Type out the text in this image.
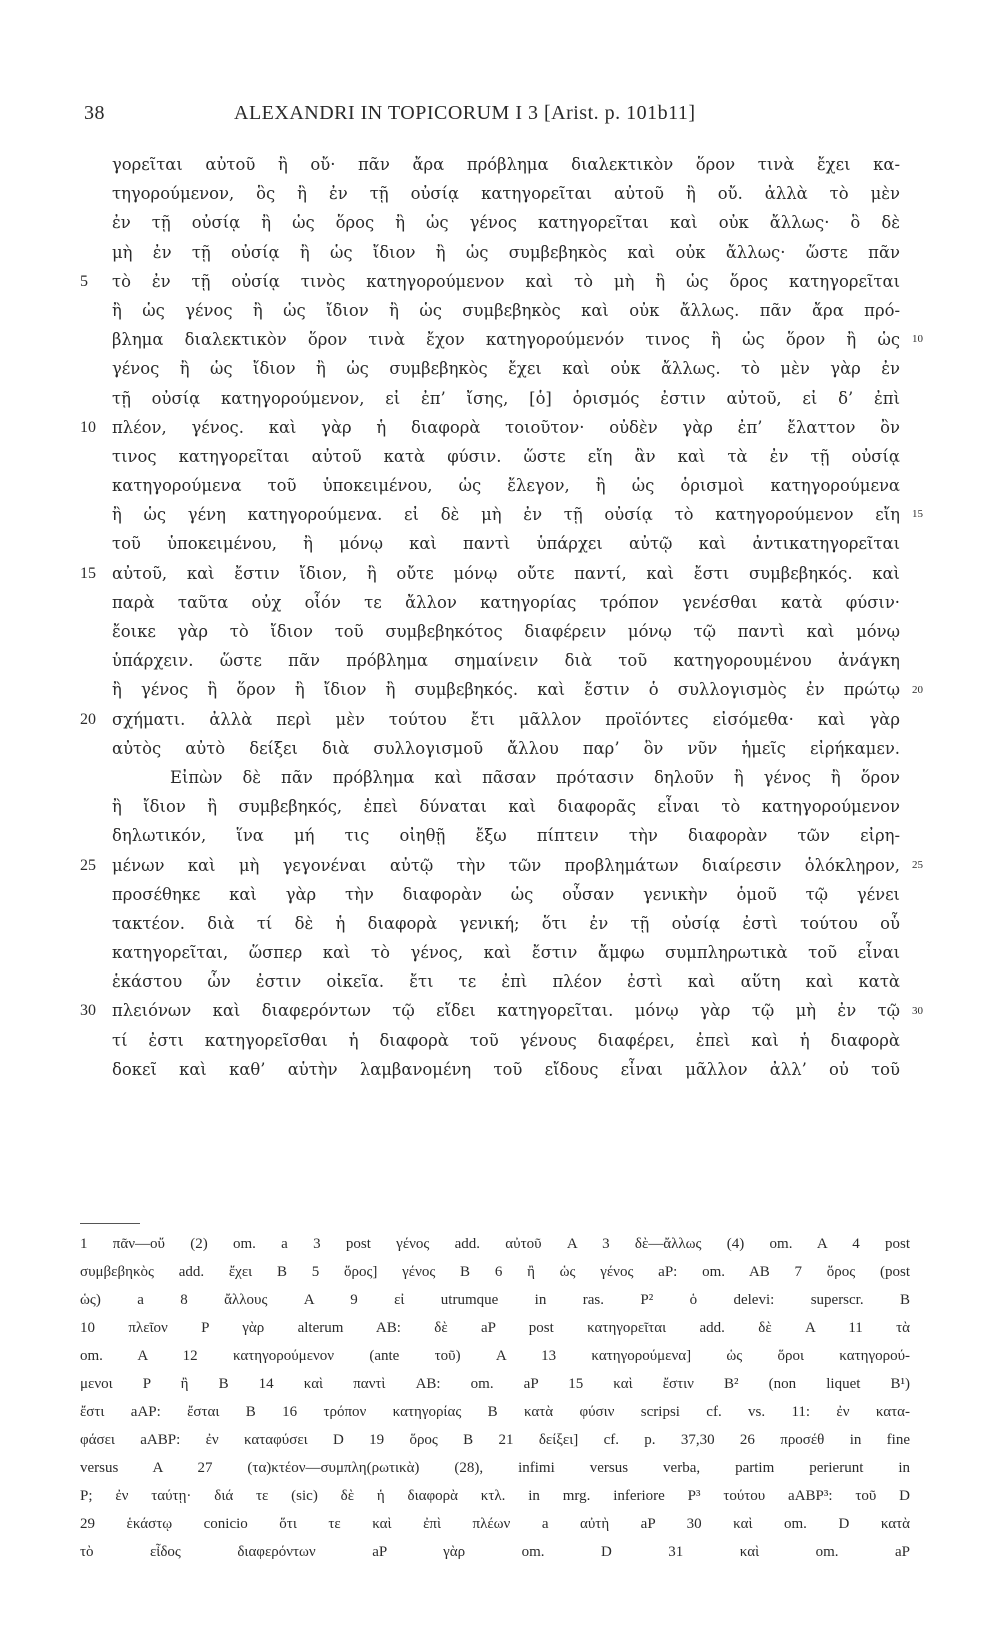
38	ALEXANDRI IN TOPICORUM I 3 [Arist. p. 101b11]
γορεῖται αὐτοῦ ἢ οὔ· πᾶν ἄρα πρόβλημα διαλεκτικὸν ὅρον τινὰ ἔχει κα-
τηγορούμενον, ὃς ἢ ἐν τῇ οὐσίᾳ κατηγορεῖται αὐτοῦ ἢ οὔ. ἀλλὰ τὸ μὲν
ἐν τῇ οὐσίᾳ ἢ ὡς ὅρος ἢ ὡς γένος κατηγορεῖται καὶ οὐκ ἄλλως· ὃ δὲ
μὴ ἐν τῇ οὐσίᾳ ἢ ὡς ἴδιον ἢ ὡς συμβεβηκὸς καὶ οὐκ ἄλλως· ὥστε πᾶν
5 τὸ ἐν τῇ οὐσίᾳ τινὸς κατηγορούμενον καὶ τὸ μὴ ἢ ὡς ὅρος κατηγορεῖται
ἢ ὡς γένος ἢ ὡς ἴδιον ἢ ὡς συμβεβηκὸς καὶ οὐκ ἄλλως. πᾶν ἄρα πρό-
βλημα διαλεκτικὸν ὅρον τινὰ ἔχον κατηγορούμενόν τινος ἢ ὡς ὅρον ἢ ὡς
γένος ἢ ὡς ἴδιον ἢ ὡς συμβεβηκὸς ἔχει καὶ οὐκ ἄλλως. τὸ μὲν γὰρ ἐν
τῇ οὐσίᾳ κατηγορούμενον, εἰ ἐπ’ ἴσης, [ὁ] ὁρισμός ἐστιν αὐτοῦ, εἰ δ’ ἐπὶ
10 πλέον, γένος. καὶ γὰρ ἡ διαφορὰ τοιοῦτον· οὐδὲν γὰρ ἐπ’ ἔλαττον ὂν
τινος κατηγορεῖται αὐτοῦ κατὰ φύσιν. ὥστε εἴη ἂν καὶ τὰ ἐν τῇ οὐσίᾳ
κατηγορούμενα τοῦ ὑποκειμένου, ὡς ἔλεγον, ἢ ὡς ὁρισμοὶ κατηγορούμενα
ἢ ὡς γένη κατηγορούμενα. εἰ δὲ μὴ ἐν τῇ οὐσίᾳ τὸ κατηγορούμενον εἴη
τοῦ ὑποκειμένου, ἢ μόνῳ καὶ παντὶ ὑπάρχει αὐτῷ καὶ ἀντικατηγορεῖται
15 αὐτοῦ, καὶ ἔστιν ἴδιον, ἢ οὔτε μόνῳ οὔτε παντί, καὶ ἔστι συμβεβηκός. καὶ
παρὰ ταῦτα οὐχ οἷόν τε ἄλλον κατηγορίας τρόπον γενέσθαι κατὰ φύσιν·
ἔοικε γὰρ τὸ ἴδιον τοῦ συμβεβηκότος διαφέρειν μόνῳ τῷ παντὶ καὶ μόνῳ
ὑπάρχειν. ὥστε πᾶν πρόβλημα σημαίνειν διὰ τοῦ κατηγορουμένου ἀνάγκη
ἢ γένος ἢ ὅρον ἢ ἴδιον ἢ συμβεβηκός. καὶ ἔστιν ὁ συλλογισμὸς ἐν πρώτῳ
20 σχήματι. ἀλλὰ περὶ μὲν τούτου ἔτι μᾶλλον προϊόντες εἰσόμεθα· καὶ γὰρ
αὐτὸς αὐτὸ δείξει διὰ συλλογισμοῦ ἄλλου παρ’ ὃν νῦν ἡμεῖς εἰρήκαμεν.
Εἰπὼν δὲ πᾶν πρόβλημα καὶ πᾶσαν πρότασιν δηλοῦν ἢ γένος ἢ ὅρον
ἢ ἴδιον ἢ συμβεβηκός, ἐπεὶ δύναται καὶ διαφορᾶς εἶναι τὸ κατηγορούμενον
δηλωτικόν, ἵνα μή τις οἰηθῇ ἔξω πίπτειν τὴν διαφορὰν τῶν εἰρη-
25 μένων καὶ μὴ γεγονέναι αὐτῷ τὴν τῶν προβλημάτων διαίρεσιν ὁλόκληρον,
προσέθηκε καὶ γὰρ τὴν διαφορὰν ὡς οὖσαν γενικὴν ὁμοῦ τῷ γένει
τακτέον. διὰ τί δὲ ἡ διαφορὰ γενική; ὅτι ἐν τῇ οὐσίᾳ ἐστὶ τούτου οὗ
κατηγορεῖται, ὥσπερ καὶ τὸ γένος, καὶ ἔστιν ἄμφω συμπληρωτικὰ τοῦ εἶναι
ἑκάστου ὧν ἐστιν οἰκεῖα. ἔτι τε ἐπὶ πλέον ἐστὶ καὶ αὕτη καὶ κατὰ
30 πλειόνων καὶ διαφερόντων τῷ εἴδει κατηγορεῖται. μόνῳ γὰρ τῷ μὴ ἐν τῷ
τί ἐστι κατηγορεῖσθαι ἡ διαφορὰ τοῦ γένους διαφέρει, ἐπεὶ καὶ ἡ διαφορὰ
δοκεῖ καὶ καθ’ αὑτὴν λαμβανομένη τοῦ εἴδους εἶναι μᾶλλον ἀλλ’ οὐ τοῦ
1 πᾶν—οὔ (2) om. a 3 post γένος add. αὐτοῦ A 3 δὲ—ἄλλως (4) om. A 4 post
συμβεβηκὸς add. ἔχει B 5 ὅρος] γένος B 6 ἢ ὡς γένος aP: om. AB 7 ὅρος (post
ὡς) a 8 ἄλλους A 9 εἰ utrumque in ras. P² ὁ delevi: superscr. B
10 πλεῖον P γὰρ alterum AB: δὲ aP post κατηγορεῖται add. δὲ A 11 τὰ
om. A 12 κατηγορούμενον (ante τοῦ) A 13 κατηγορούμενα] ὡς ὅροι κατηγορού-
μενοι P ἢ B 14 καὶ παντὶ AB: om. aP 15 καὶ ἔστιν B² (non liquet B¹)
ἔστι aAP: ἔσται B 16 τρόπον κατηγορίας B κατὰ φύσιν scripsi cf. vs. 11: ἐν κατα-
φάσει aABP: ἐν καταφύσει D 19 ὅρος B 21 δείξει] cf. p. 37,30 26 προσέθ in fine
versus A 27 (τα)κτέον—συμπλη(ρωτικὰ) (28), infimi versus verba, partim perierunt in
P; ἐν ταύτῃ· διά τε (sic) δὲ ἡ διαφορὰ κτλ. in mrg. inferiore P³ τούτου aABP³: τοῦ D
29 ἑκάστῳ conicio ὅτι τε καὶ ἐπὶ πλέων a αὐτὴ aP 30 καὶ om. D κατὰ
τὸ εἶδος διαφερόντων aP γὰρ om. D 31 καὶ om. aP
10
15
20
25
30
